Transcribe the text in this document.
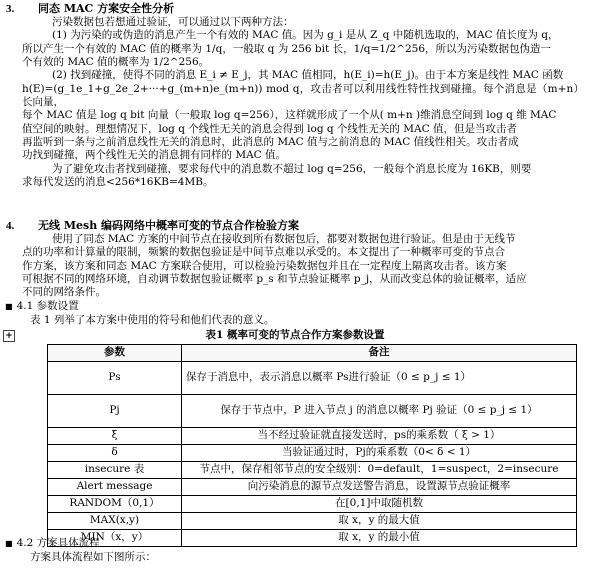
3. 同态 MAC 方案安全性分析

污染数据包若想通过验证，可以通过以下两种方法：

(1) 为污染的或伪造的消息产生一个有效的 MAC 值。因为 g_i 是从 Z_q 中随机选取的，MAC 值长度为 q，

所以产生一个有效的 MAC 值的概率为 1/q，一般取 q 为 256 bit 长，1/q=1/2^256，所以为污染数据包伪造一

个有效的 MAC 值的概率为 1/2^256。

(2) 找到碰撞，使得不同的消息 E_i ≠ E_j，其 MAC 值相同，h(E_i)=h(E_j)。由于本方案是线性 MAC 函数

h(E)=(g_1e_1+g_2e_2+···+g_(m+n)e_(m+n)) mod q，攻击者可以利用线性特性找到碰撞。每个消息是（m+n）长向量，

每个 MAC 值是 log q bit 向量（一般取 log q=256），这样就形成了一个从( m+n )维消息空间到 log q 维 MAC

值空间的映射。理想情况下，log q 个线性无关的消息会得到 log q 个线性无关的 MAC 值，但是当攻击者

再监听到一条与之前消息线性无关的消息时，此消息的 MAC 值与之前消息的 MAC 值线性相关。攻击者成

功找到碰撞，两个线性无关的消息拥有同样的 MAC 值。

为了避免攻击者找到碰撞，要求每代中的消息数不超过 log q=256，一般每个消息长度为 16KB，则要

求每代发送的消息<256*16KB=4MB。

4. 无线 Mesh 编码网络中概率可变的节点合作检验方案

使用了同态 MAC 方案的中间节点在接收到所有数据包后，都要对数据包进行验证。但是由于无线节

点的功率和计算量的限制，频繁的数据包验证是中间节点难以承受的。本文提出了一种概率可变的节点合

作方案，该方案和同态 MAC 方案联合使用，可以检验污染数据包并且在一定程度上隔离攻击者。该方案

可根据不同的网络环境，自动调节数据包验证概率 p_s 和节点验证概率 p_j，从而改变总体的验证概率，适应

不同的网络条件。

■ 4.1 参数设置

表 1 列举了本方案中使用的符号和他们代表的意义。

+	表1 概率可变的节点合作方案参数设置
参数	备注
Ps	保存于消息中，表示消息以概率 Ps进行验证（0 ≤ p_j ≤ 1）
Pj	保存于节点中，P 进入节点 j 的消息以概率 Pj 验证（0 ≤ p_j ≤ 1）
ξ	当不经过验证就直接发送时，ps的乘系数（ ξ > 1）
δ	当验证通过时，Pj的乘系数（0< δ < 1）
insecure 表	节点中，保存相邻节点的安全级别：0=default，1=suspect，2=insecure
Alert message	向污染消息的源节点发送警告消息，设置源节点验证概率
RANDOM（0,1）	在[0,1]中取随机数
MAX(x,y)	取 x，y 的最大值
MIN（x，y）	取 x，y 的最小值
■ 4.2 方案具体流程

方案具体流程如下图所示：
